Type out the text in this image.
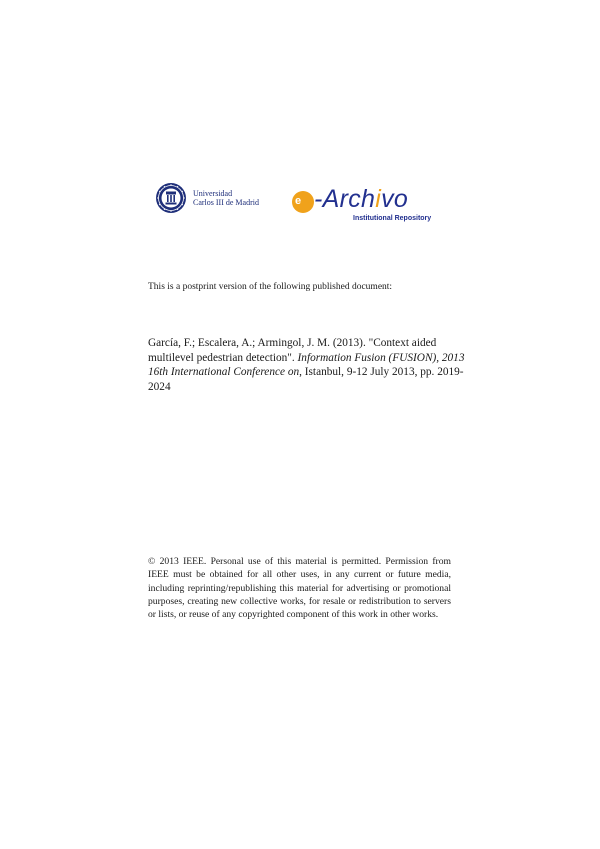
Universidad
Carlos III de Madrid	e -Archivo
Institutional Repository
This is a postprint version of the following published document:
García, F.; Escalera, A.; Armingol, J. M. (2013). "Context aided multilevel pedestrian detection". Information Fusion (FUSION), 2013 16th International Conference on, Istanbul, 9-12 July 2013, pp. 2019-2024
© 2013 IEEE. Personal use of this material is permitted. Permission from IEEE must be obtained for all other uses, in any current or future media, including reprinting/republishing this material for advertising or promotional purposes, creating new collective works, for resale or redistribution to servers or lists, or reuse of any copyrighted component of this work in other works.
